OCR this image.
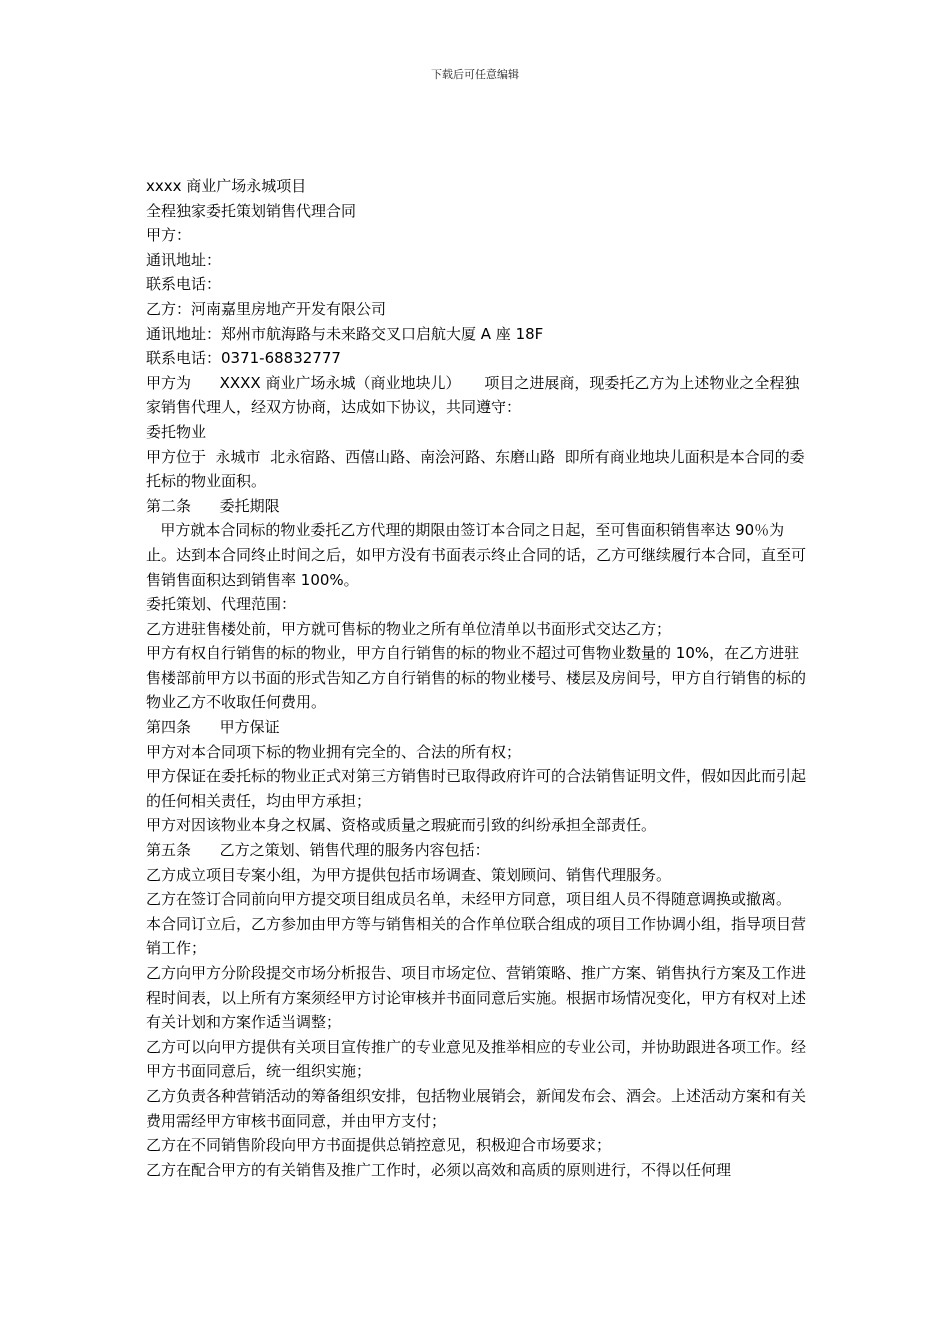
下载后可任意编辑

xxxx 商业广场永城项目

全程独家委托策划销售代理合同

甲方：

通讯地址：

联系电话：

乙方：河南嘉里房地产开发有限公司

通讯地址：郑州市航海路与未来路交叉口启航大厦 A 座 18F

联系电话：0371-68832777

甲方为      XXXX 商业广场永城（商业地块儿）     项目之进展商，现委托乙方为上述物业之全程独家销售代理人，经双方协商，达成如下协议，共同遵守：

委托物业

甲方位于  永城市  北永宿路、西僖山路、南浍河路、东磨山路  即所有商业地块儿面积是本合同的委托标的物业面积。

第二条      委托期限

甲方就本合同标的物业委托乙方代理的期限由签订本合同之日起，至可售面积销售率达 90％为止。达到本合同终止时间之后，如甲方没有书面表示终止合同的话，乙方可继续履行本合同，直至可售销售面积达到销售率 100%。

委托策划、代理范围：

乙方进驻售楼处前，甲方就可售标的物业之所有单位清单以书面形式交达乙方；

甲方有权自行销售的标的物业，甲方自行销售的标的物业不超过可售物业数量的 10%，在乙方进驻售楼部前甲方以书面的形式告知乙方自行销售的标的物业楼号、楼层及房间号，甲方自行销售的标的物业乙方不收取任何费用。

第四条      甲方保证

甲方对本合同项下标的物业拥有完全的、合法的所有权；

甲方保证在委托标的物业正式对第三方销售时已取得政府许可的合法销售证明文件，假如因此而引起的任何相关责任，均由甲方承担；

甲方对因该物业本身之权属、资格或质量之瑕疵而引致的纠纷承担全部责任。

第五条      乙方之策划、销售代理的服务内容包括：

乙方成立项目专案小组，为甲方提供包括市场调查、策划顾问、销售代理服务。

乙方在签订合同前向甲方提交项目组成员名单，未经甲方同意，项目组人员不得随意调换或撤离。

本合同订立后，乙方参加由甲方等与销售相关的合作单位联合组成的项目工作协调小组，指导项目营销工作；

乙方向甲方分阶段提交市场分析报告、项目市场定位、营销策略、推广方案、销售执行方案及工作进程时间表，以上所有方案须经甲方讨论审核并书面同意后实施。根据市场情况变化，甲方有权对上述有关计划和方案作适当调整；

乙方可以向甲方提供有关项目宣传推广的专业意见及推举相应的专业公司，并协助跟进各项工作。经甲方书面同意后，统一组织实施；

乙方负责各种营销活动的筹备组织安排，包括物业展销会，新闻发布会、酒会。上述活动方案和有关费用需经甲方审核书面同意，并由甲方支付；

乙方在不同销售阶段向甲方书面提供总销控意见，积极迎合市场要求；

乙方在配合甲方的有关销售及推广工作时，必须以高效和高质的原则进行，不得以任何理
